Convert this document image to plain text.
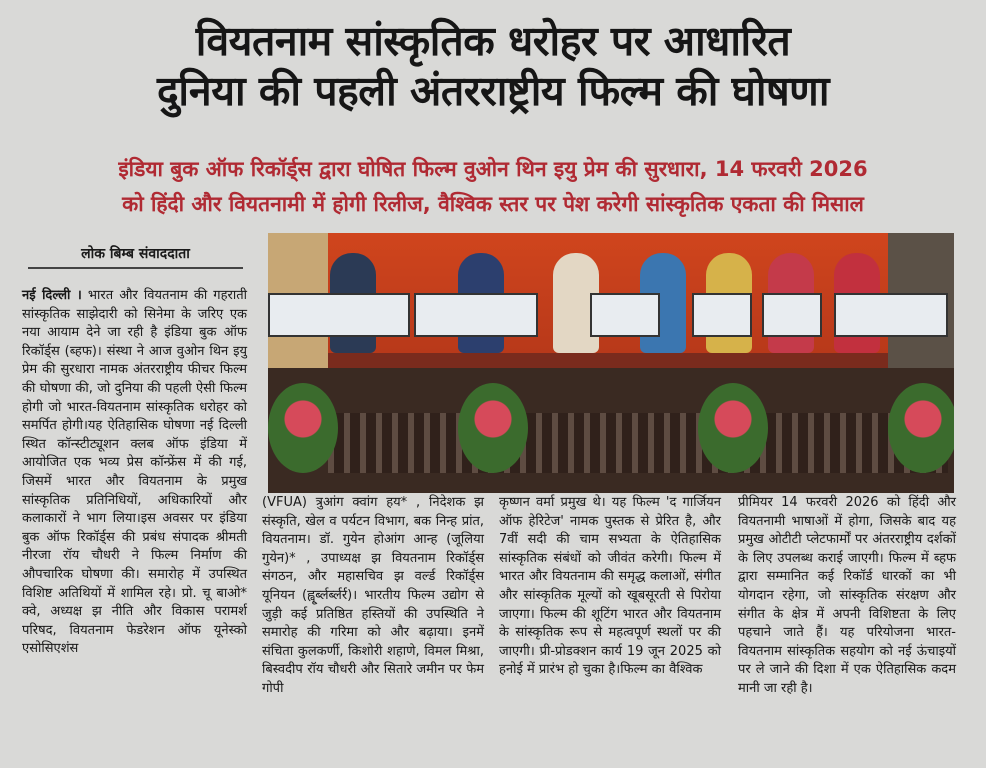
वियतनाम सांस्कृतिक धरोहर पर आधारित
दुनिया की पहली अंतरराष्ट्रीय फिल्म की घोषणा
इंडिया बुक ऑफ रिकॉर्ड्स द्वारा घोषित फिल्म वुओन थिन इयु प्रेम की सुरधारा, 14 फरवरी 2026
को हिंदी और वियतनामी में होगी रिलीज, वैश्विक स्तर पर पेश करेगी सांस्कृतिक एकता की मिसाल
लोक बिम्ब संवाददाता
नई दिल्ली । भारत और वियतनाम की गहराती सांस्कृतिक साझेदारी को सिनेमा के जरिए एक नया आयाम देने जा रही है इंडिया बुक ऑफ रिकॉर्ड्स (ब्हफ)। संस्था ने आज वुओन थिन इयु प्रेम की सुरधारा नामक अंतरराष्ट्रीय फीचर फिल्म की घोषणा की, जो दुनिया की पहली ऐसी फिल्म होगी जो भारत-वियतनाम सांस्कृतिक धरोहर को समर्पित होगी।यह ऐतिहासिक घोषणा नई दिल्ली स्थित कॉन्स्टीट्यूशन क्लब ऑफ इंडिया में आयोजित एक भव्य प्रेस कॉन्फ्रेंस में की गई, जिसमें भारत और वियतनाम के प्रमुख सांस्कृतिक प्रतिनिधियों, अधिकारियों और कलाकारों ने भाग लिया।इस अवसर पर इंडिया बुक ऑफ रिकॉर्ड्स की प्रबंध संपादक श्रीमती नीरजा रॉय चौधरी ने फिल्म निर्माण की औपचारिक घोषणा की। समारोह में उपस्थित विशिष्ट अतिथियों में शामिल रहे। प्रो. चू बाओ* क्वे, अध्यक्ष झ नीति और विकास परामर्श परिषद, वियतनाम फेडरेशन ऑफ यूनेस्को एसोसिएशंस
(VFUA) त्रुआंग क्वांग हय* , निदेशक झ संस्कृति, खेल व पर्यटन विभाग, बक निन्ह प्रांत, वियतनाम। डॉ. गुयेन होआंग आन्ह (जूलिया गुयेन)* , उपाध्यक्ष झ वियतनाम रिकॉर्ड्स संगठन, और महासचिव झ वर्ल्ड रिकॉर्ड्स यूनियन (ह्वृ्र्ब्लर्ब्लर्र)। भारतीय फिल्म उद्योग से जुड़ी कई प्रतिष्ठित हस्तियों की उपस्थिति ने समारोह की गरिमा को और बढ़ाया। इनमें संचिता कुलकर्णी, किशोरी शहाणे, विमल मिश्रा, बिस्वदीप रॉय चौधरी और सितारे जमीन पर फेम गोपी
कृष्णन वर्मा प्रमुख थे। यह फिल्म 'द गार्जियन ऑफ हेरिटेज' नामक पुस्तक से प्रेरित है, और 7वीं सदी की चाम सभ्यता के ऐतिहासिक सांस्कृतिक संबंधों को जीवंत करेगी। फिल्म में भारत और वियतनाम की समृद्ध कलाओं, संगीत और सांस्कृतिक मूल्यों को खूबसूरती से पिरोया जाएगा। फिल्म की शूटिंग भारत और वियतनाम के सांस्कृतिक रूप से महत्वपूर्ण स्थलों पर की जाएगी। प्री-प्रोडक्शन कार्य 19 जून 2025 को हनोई में प्रारंभ हो चुका है।फिल्म का वैश्विक
प्रीमियर 14 फरवरी 2026 को हिंदी और वियतनामी भाषाओं में होगा, जिसके बाद यह प्रमुख ओटीटी प्लेटफार्मों पर अंतरराष्ट्रीय दर्शकों के लिए उपलब्ध कराई जाएगी। फिल्म में ब्हफ द्वारा सम्मानित कई रिकॉर्ड धारकों का भी योगदान रहेगा, जो सांस्कृतिक संरक्षण और संगीत के क्षेत्र में अपनी विशिष्टता के लिए पहचाने जाते हैं। यह परियोजना भारत-वियतनाम सांस्कृतिक सहयोग को नई ऊंचाइयों पर ले जाने की दिशा में एक ऐतिहासिक कदम मानी जा रही है।
